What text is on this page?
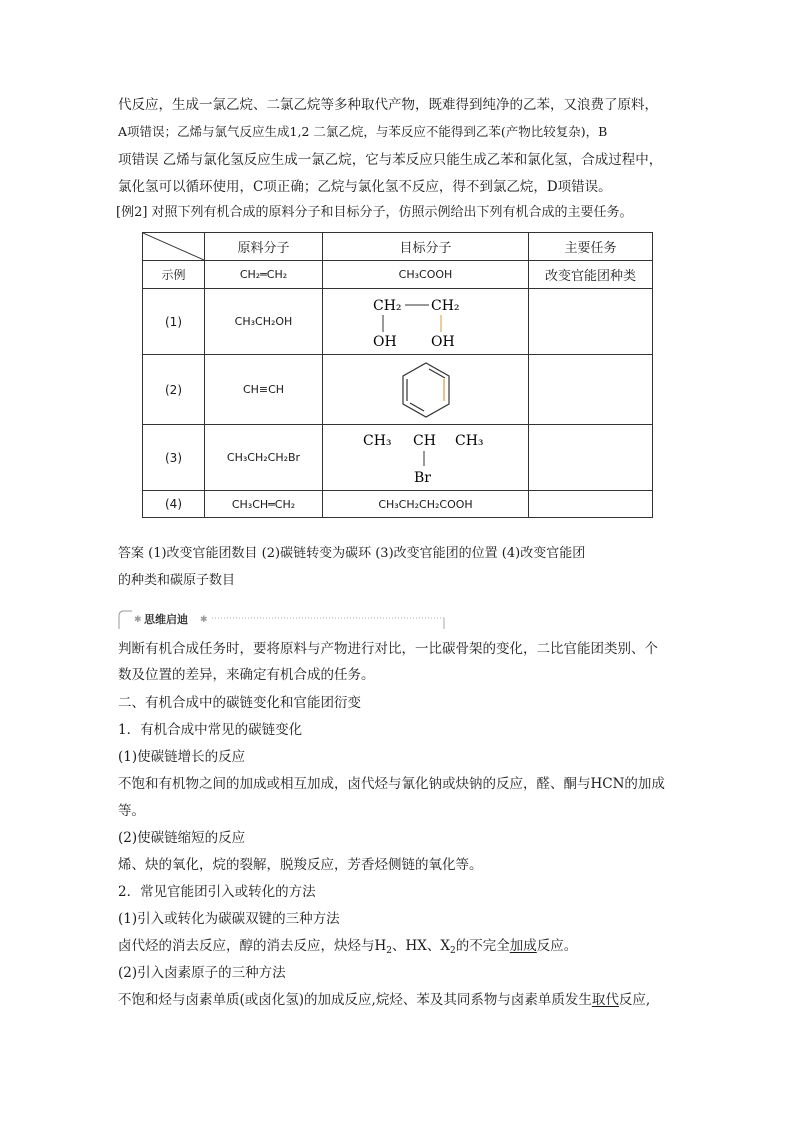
代反应，生成一氯乙烷、二氯乙烷等多种取代产物，既难得到纯净的乙苯，又浪费了原料，
A项错误；乙烯与氯气反应生成1,2 二氯乙烷，与苯反应不能得到乙苯(产物比较复杂)，B
项错误 乙烯与氯化氢反应生成一氯乙烷，它与苯反应只能生成乙苯和氯化氢，合成过程中，
氯化氢可以循环使用，C项正确；乙烷与氯化氢不反应，得不到氯乙烷，D项错误。
[例2] 对照下列有机合成的原料分子和目标分子，仿照示例给出下列有机合成的主要任务。
	原料分子	目标分子	主要任务
示例	CH₂═CH₂	CH₃COOH	改变官能团种类
(1)	CH₃CH₂OH	CH₂ CH₂
OH OH	

(2)	CH≡CH	

(3)	CH₃CH₂CH₂Br	CH₃ CH CH₃
Br	

(4)	CH₃CH═CH₂	CH₃CH₂CH₂COOH	
答案 (1)改变官能团数目 (2)碳链转变为碳环 (3)改变官能团的位置 (4)改变官能团
的种类和碳原子数目
✱	✱
思维启迪
判断有机合成任务时，要将原料与产物进行对比，一比碳骨架的变化，二比官能团类别、个
数及位置的差异，来确定有机合成的任务。
二、有机合成中的碳链变化和官能团衍变
1．有机合成中常见的碳链变化
(1)使碳链增长的反应
不饱和有机物之间的加成或相互加成，卤代烃与氰化钠或炔钠的反应，醛、酮与HCN的加成
等。
(2)使碳链缩短的反应
烯、炔的氧化，烷的裂解，脱羧反应，芳香烃侧链的氧化等。
2．常见官能团引入或转化的方法
(1)引入或转化为碳碳双键的三种方法
卤代烃的消去反应，醇的消去反应，炔烃与$H_2$、HX、$X_2$的不完全加成反应。
(2)引入卤素原子的三种方法
不饱和烃与卤素单质(或卤化氢)的加成反应,烷烃、苯及其同系物与卤素单质发生取代反应,
